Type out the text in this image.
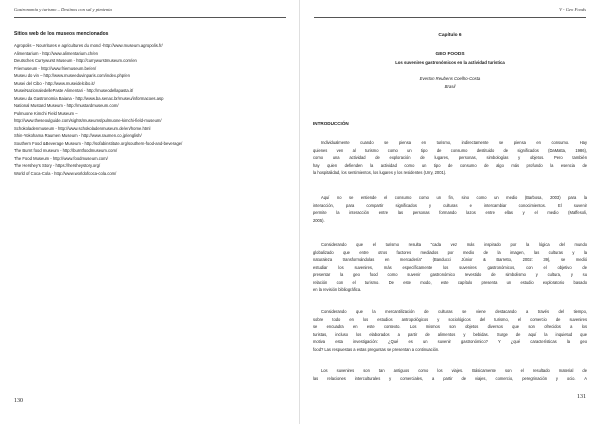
Gastronomía y turismo – Destinos con sal y pimienta
Sitios web de los museos mencionados
Agropolis – Nourritures e agricultures du mond -http://www.museum.agropolis.fr/
Alimentarium - http://www.alimentarium.ch/en
Deutsches Currywurst Museum - http://currywurstmuseum.com/en
Friemuseum - http://www.friemuseum.be/en/
Museu do vin – http://www.museeduvinparis.com/index.php/en
Musei del Cibo - http://www.museidelcibo.it/
MuseiNazionaledellePaste Alimentari - http://museodellapasta.it/
Museu da Gastronomia Baiana - http://www.ba.senac.br/museu/informacoes.asp
National Mustard Museum - http://mustardmuseum.com/
Pulmuone Kimchi Field Museum –
http://www.theseoulguide.com/sights/museums/pulmuone-kimchi-field-museum/
Schokoladenmuseum - http://www.schokoladenmuseum.de/en/home.html
Shin-Yokohama Raumen Museum - http://www.raumen.co.jp/english/
Southern Food &Beverage Museum - http://sofabinstitute.org/southern-food-and-beverage/
The Burnt food museum - http://burntfoodmuseum.com/
The Food Museum - http://www.foodmuseum.com/
The Hershey's Story - https://hersheystory.org/
World of Coca-Cola - http://www.worldofcoca-cola.com/
130
V - Geo Foods
131
Capítulo 6
GEO FOODS
Los suvenires gastronómicos en la actividad turística
Everton Reubens Coelho-Costa
Brasil
INTRODUCCIÓN
Individualmente cuando se piensa en turismo, indirectamente se piensa en consumo. Hay
quienes ven al turismo como un tipo de consumo destituido de significados (DaMatta, 1986),
como una actividad de exploración de lugares, personas, simbologías y objetos. Pero también
hay quien defienden la actividad como un tipo de consumo de algo más profundo la esencia de
la hospitalidad, los sentimientos, los lugares y los residentes (Urry, 2001).
Aquí no se entiende el consumo como un fin, sino como un medio (Barbosa, 2003) para la
interacción, para compartir significados y culturas e intercambiar conocimientos. El suvenir
permite la interacción entre las personas formando lazos entre ellas y el medio (Maffesoli,
2005).
Considerando que el turismo resulta "cada vez más inspirado por la lógica del mundo
globalizado que entre otros factores mediados por medio de la imagen, las culturas y la
naturaleza transformándolas en mercadería" (Banducci Júnior & Barretto, 2002: 39), se medió
estudiar los suvenires, más específicamente los suvenires gastronómicos, con el objetivo de
presentar la geo food como suvenir gastronómico revestido de simbolismo y cultura, y su
relación con el turismo. De este modo, este capítulo presenta un estudio exploratorio basado
en la revisión bibliográfica.
Considerando que la mercantilización de culturas se viene destacando a través del tiempo,
sobre todo en los estudios antropológicos y sociológicos del turismo, el comercio de suvenires
se encuadra en este contexto. Los mismos son objetos diversos que son ofrecidos a los
turistas, incluso los elaborados a partir de alimentos y bebidas. Surge de aquí la inquietud que
motiva esta investigación: ¿Qué es un suvenir gastronómico? Y ¿qué características la geo
food? Las respuestas a estas preguntas se presentan a continuación.
Los suvenires son tan antiguos como los viajes. Básicamente son el resultado material de
las relaciones interculturales y comerciales, a partir de viajes, comercio, peregrinación y ocio. A
